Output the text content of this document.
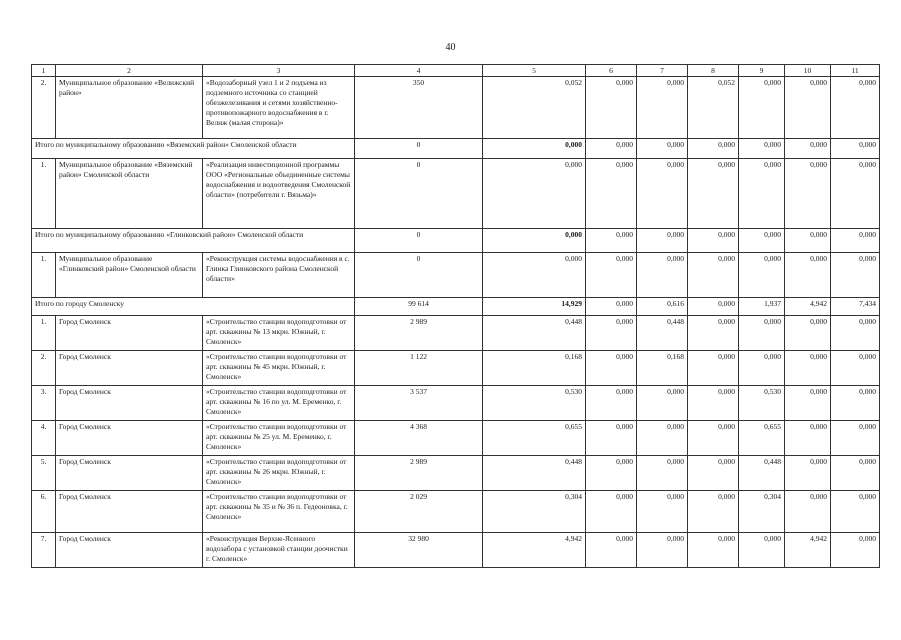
40
1	2	3	4	5	6	7	8	9	10	11
2.	Муниципальное образование «Велижский район»	«Водозаборный узел 1 и 2 подъема из подземного источника со станцией обезжелезивания и сетями хозяйственно-противопожарного водоснабжения в г. Велиж (малая сторона)»	350	0,052	0,000	0,000	0,052	0,000	0,000	0,000
Итого по муниципальному образованию «Вяземский район» Смоленской области			0	0,000	0,000	0,000	0,000	0,000	0,000	0,000
1.	Муниципальное образование «Вяземский район» Смоленской области	«Реализация инвестиционной программы ООО «Региональные объединенные системы водоснабжения и водоотведения Смоленской области» (потребители г. Вязьма)»	0	0,000	0,000	0,000	0,000	0,000	0,000	0,000
Итого по муниципальному образованию «Глинковский район» Смоленской области			0	0,000	0,000	0,000	0,000	0,000	0,000	0,000
1.	Муниципальное образование «Глинковский район» Смоленской области	«Реконструкция системы водоснабжения в с. Глинка Глинковского района Смоленской области»	0	0,000	0,000	0,000	0,000	0,000	0,000	0,000
Итого по городу Смоленску			99 614	14,929	0,000	0,616	0,000	1,937	4,942	7,434
1.	Город Смоленск	«Строительство станции водоподготовки от арт. скважины № 13 мкрн. Южный, г. Смоленск»	2 989	0,448	0,000	0,448	0,000	0,000	0,000	0,000
2.	Город Смоленск	«Строительство станции водоподготовки от арт. скважины № 45 мкрн. Южный, г. Смоленск»	1 122	0,168	0,000	0,168	0,000	0,000	0,000	0,000
3.	Город Смоленск	«Строительство станции водоподготовки от арт. скважины № 16 по ул. М. Еременко, г. Смоленск»	3 537	0,530	0,000	0,000	0,000	0,530	0,000	0,000
4.	Город Смоленск	«Строительство станции водоподготовки от арт. скважины № 25 ул. М. Еременко, г. Смоленск»	4 368	0,655	0,000	0,000	0,000	0,655	0,000	0,000
5.	Город Смоленск	«Строительство станции водоподготовки от арт. скважины № 26 мкрн. Южный, г. Смоленск»	2 989	0,448	0,000	0,000	0,000	0,448	0,000	0,000
6.	Город Смоленск	«Строительство станции водоподготовки от арт. скважины № 35 и № 36 п. Гедеоновка, г. Смоленск»	2 029	0,304	0,000	0,000	0,000	0,304	0,000	0,000
7.	Город Смоленск	«Реконструкция Верхне-Ясенного водозабора с установкой станции доочистки г. Смоленск»	32 980	4,942	0,000	0,000	0,000	0,000	4,942	0,000
